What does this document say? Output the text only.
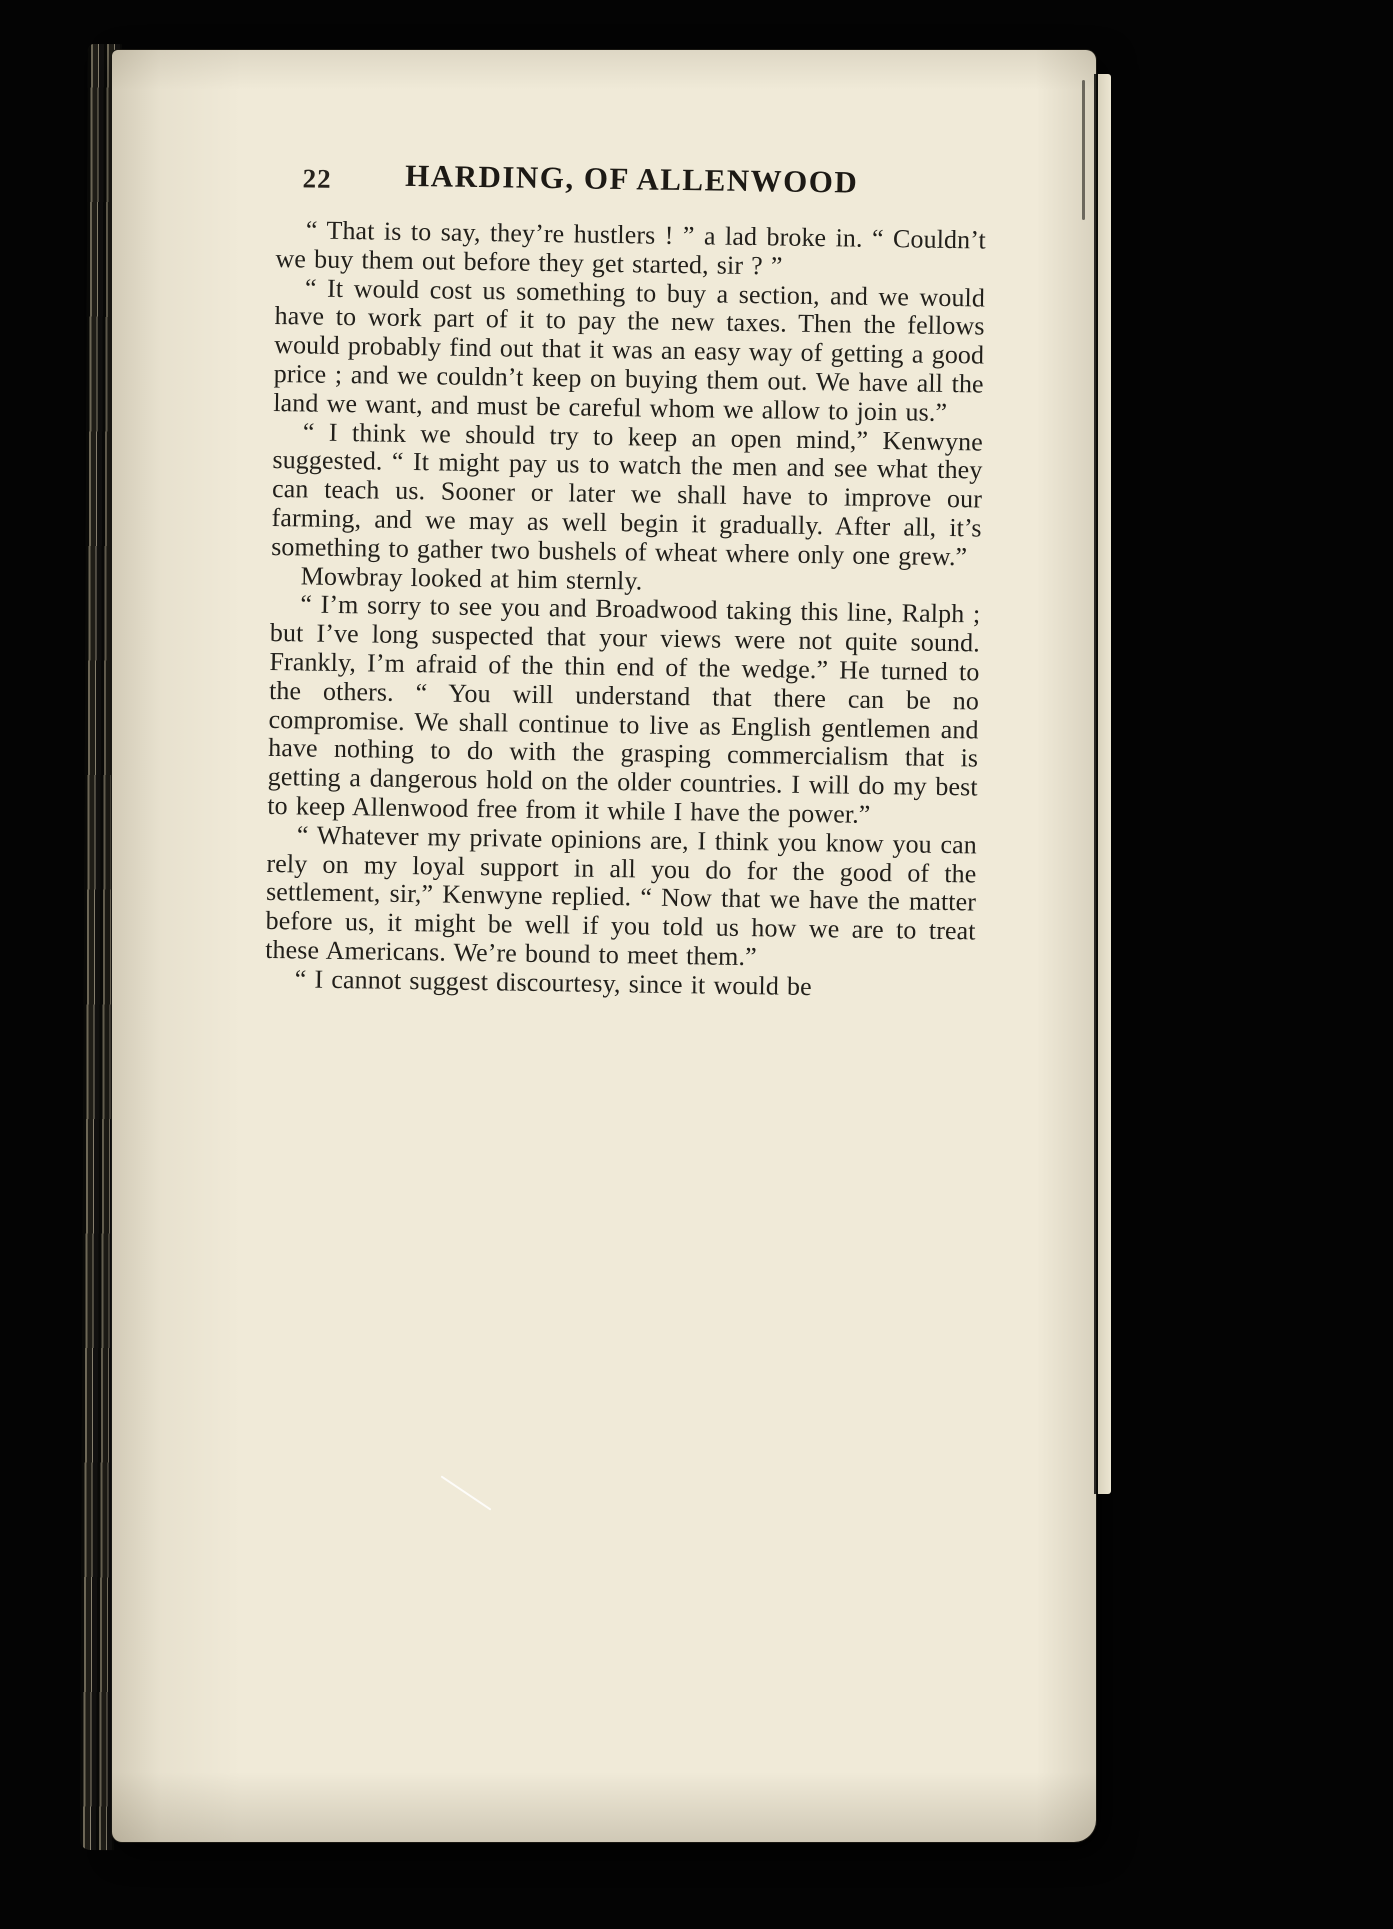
22	HARDING, OF ALLENWOOD

“ That is to say, they’re hustlers ! ” a lad broke in. “ Couldn’t we buy them out before they get started, sir ? ”

“ It would cost us something to buy a section, and we would have to work part of it to pay the new taxes. Then the fellows would probably find out that it was an easy way of getting a good price ; and we couldn’t keep on buying them out. We have all the land we want, and must be careful whom we allow to join us.”

“ I think we should try to keep an open mind,” Kenwyne suggested. “ It might pay us to watch the men and see what they can teach us. Sooner or later we shall have to improve our farming, and we may as well begin it gradually. After all, it’s something to gather two bushels of wheat where only one grew.”

Mowbray looked at him sternly.

“ I’m sorry to see you and Broadwood taking this line, Ralph ; but I’ve long suspected that your views were not quite sound. Frankly, I’m afraid of the thin end of the wedge.” He turned to the others. “ You will understand that there can be no compromise. We shall continue to live as English gentlemen and have nothing to do with the grasping commercialism that is getting a dangerous hold on the older countries. I will do my best to keep Allenwood free from it while I have the power.”

“ Whatever my private opinions are, I think you know you can rely on my loyal support in all you do for the good of the settlement, sir,” Kenwyne replied. “ Now that we have the matter before us, it might be well if you told us how we are to treat these Americans. We’re bound to meet them.”

“ I cannot suggest discourtesy, since it would be
